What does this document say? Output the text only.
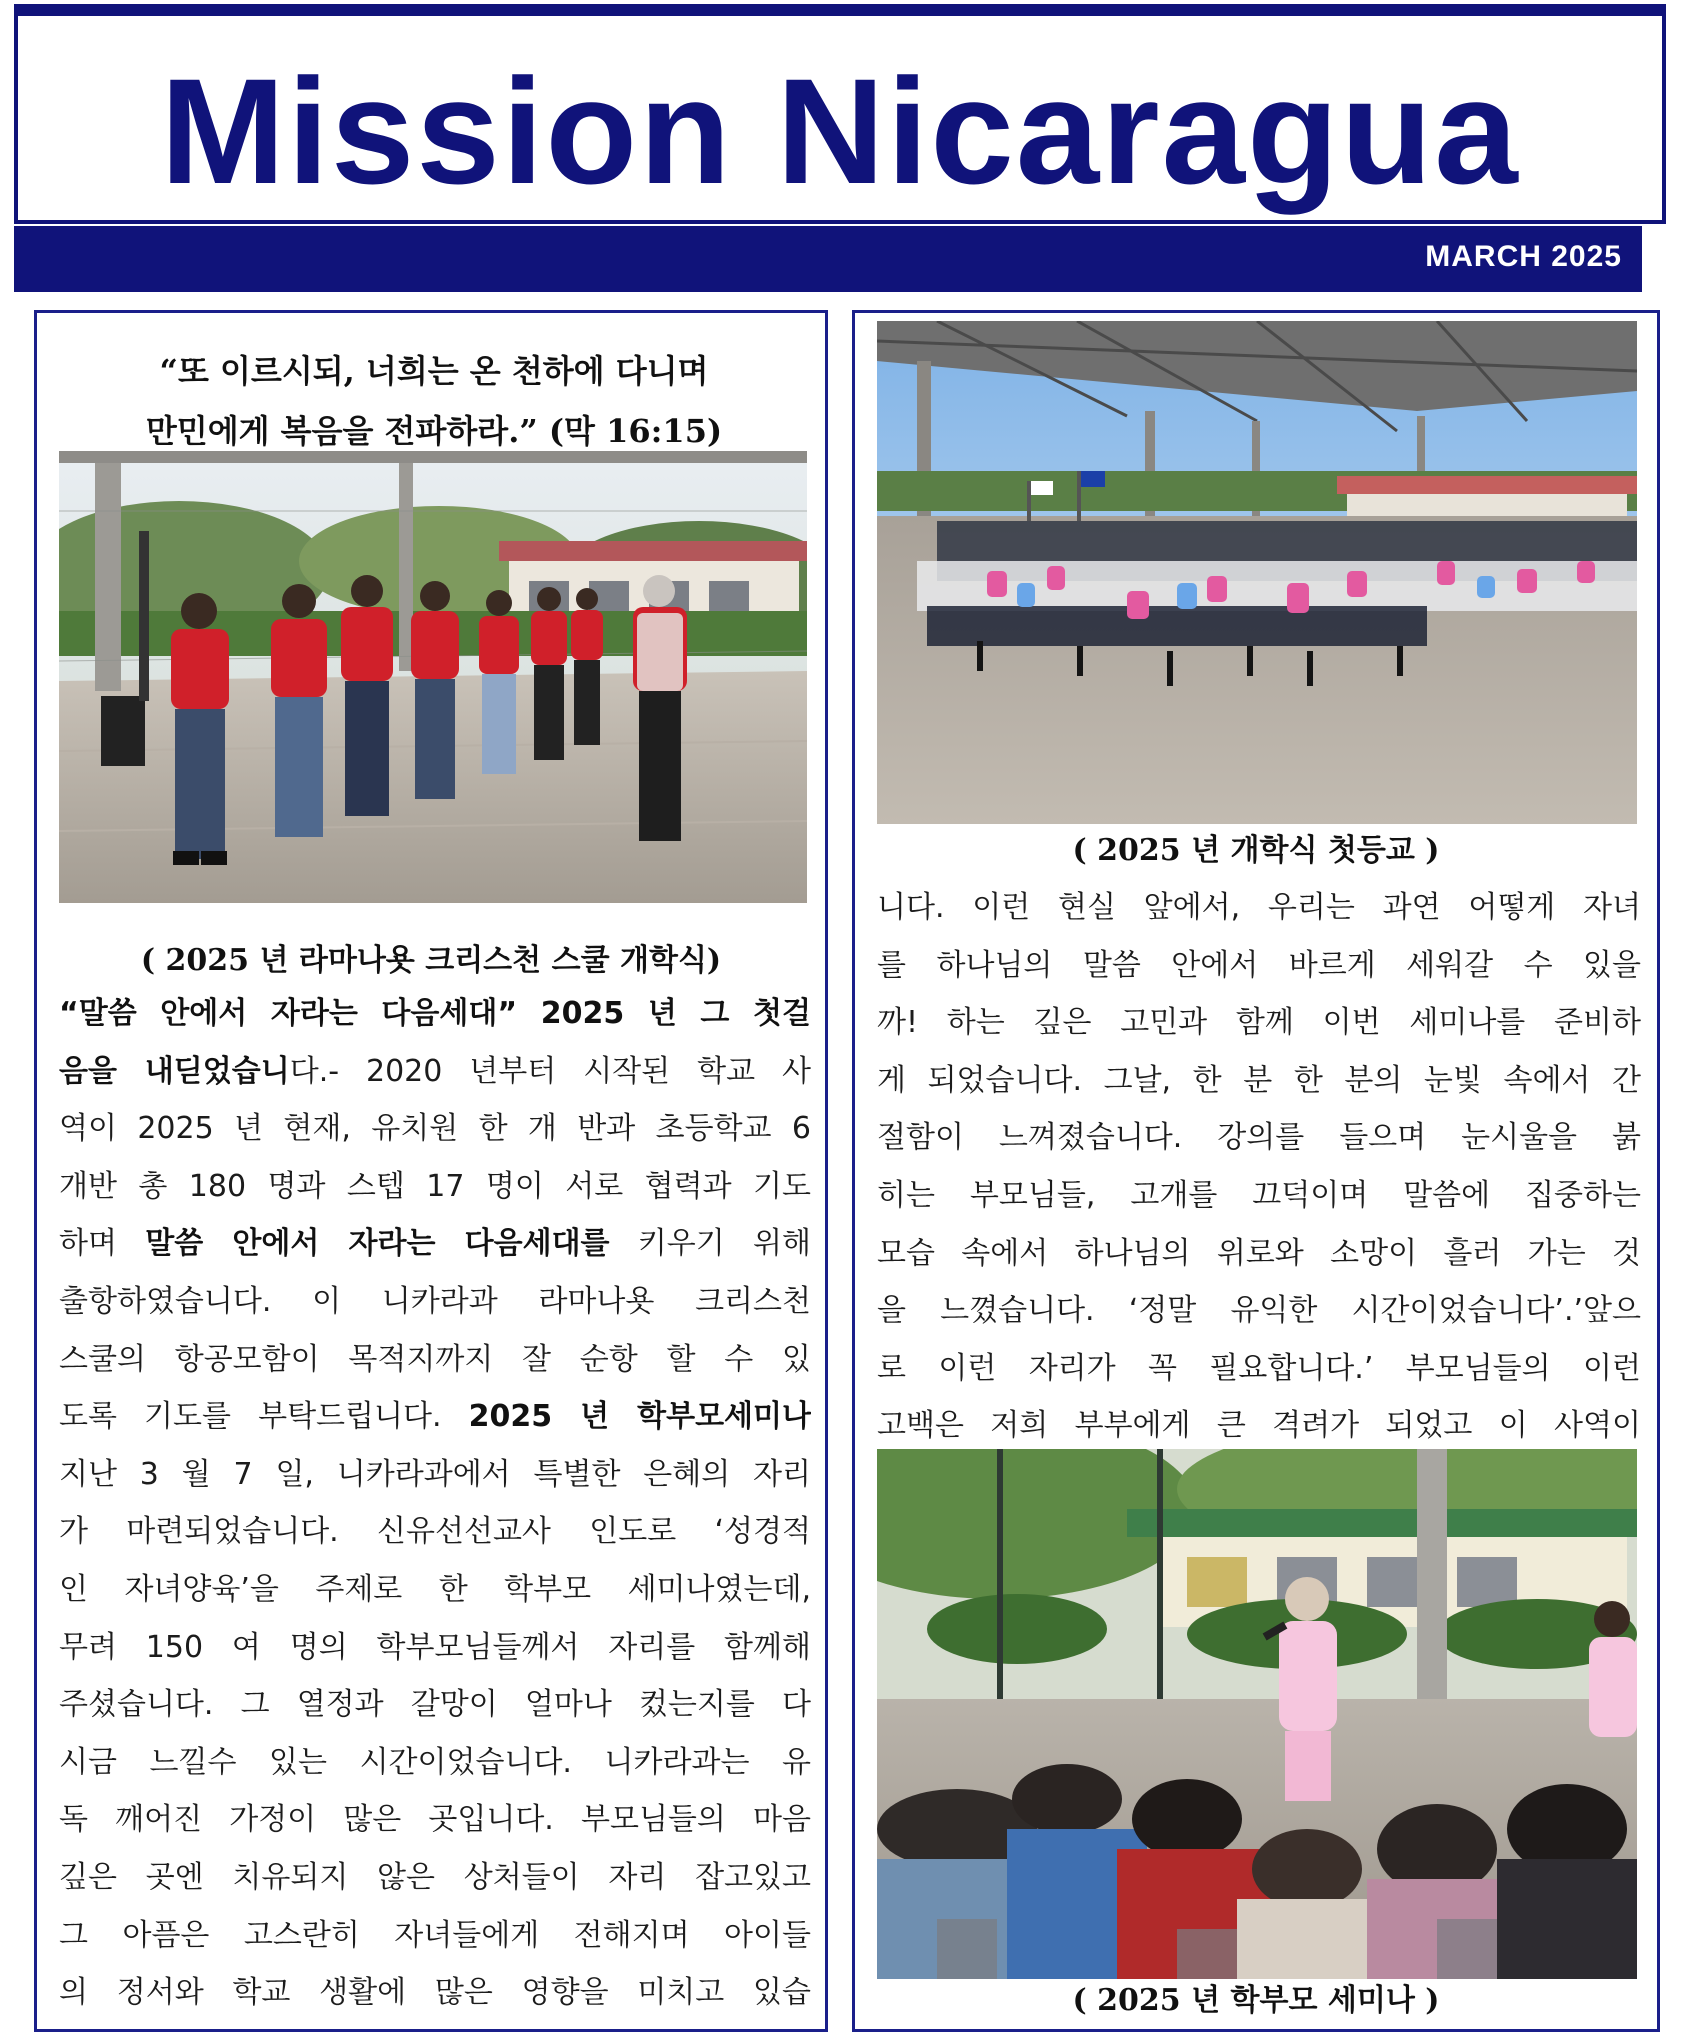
Mission Nicaragua
MARCH 2025
“또 이르시되, 너희는 온 천하에 다니며
만민에게 복음을 전파하라.” (막 16:15)
( 2025 년 라마나욧 크리스천 스쿨 개학식)
“말씀 안에서 자라는 다음세대” 2025 년 그 첫걸
음을 내딛었습니다.- 2020 년부터 시작된 학교 사
역이 2025 년 현재, 유치원 한 개 반과 초등학교 6
개반 총 180 명과 스텝 17 명이 서로 협력과 기도
하며 말씀 안에서 자라는 다음세대를 키우기 위해
출항하였습니다. 이 니카라과 라마나욧 크리스천
스쿨의 항공모함이 목적지까지 잘 순항 할 수 있
도록 기도를 부탁드립니다. 2025 년 학부모세미나
지난 3 월 7 일, 니카라과에서 특별한 은혜의 자리
가 마련되었습니다. 신유선선교사 인도로 ‘성경적
인 자녀양육’을 주제로 한 학부모 세미나였는데,
무려 150 여 명의 학부모님들께서 자리를 함께해
주셨습니다. 그 열정과 갈망이 얼마나 컸는지를 다
시금 느낄수 있는 시간이었습니다. 니카라과는 유
독 깨어진 가정이 많은 곳입니다. 부모님들의 마음
깊은 곳엔 치유되지 않은 상처들이 자리 잡고있고
그 아픔은 고스란히 자녀들에게 전해지며 아이들
의 정서와 학교 생활에 많은 영향을 미치고 있습
( 2025 년 개학식 첫등교 )
니다. 이런 현실 앞에서, 우리는 과연 어떻게 자녀
를 하나님의 말씀 안에서 바르게 세워갈 수 있을
까! 하는 깊은 고민과 함께 이번 세미나를 준비하
게 되었습니다. 그날, 한 분 한 분의 눈빛 속에서 간
절함이 느껴졌습니다. 강의를 들으며 눈시울을 붉
히는 부모님들, 고개를 끄덕이며 말씀에 집중하는
모습 속에서 하나님의 위로와 소망이 흘러 가는 것
을 느꼈습니다. ‘정말 유익한 시간이었습니다’.’앞으
로 이런 자리가 꼭 필요합니다.’ 부모님들의 이런
고백은 저희 부부에게 큰 격려가 되었고 이 사역이
( 2025 년 학부모 세미나 )
